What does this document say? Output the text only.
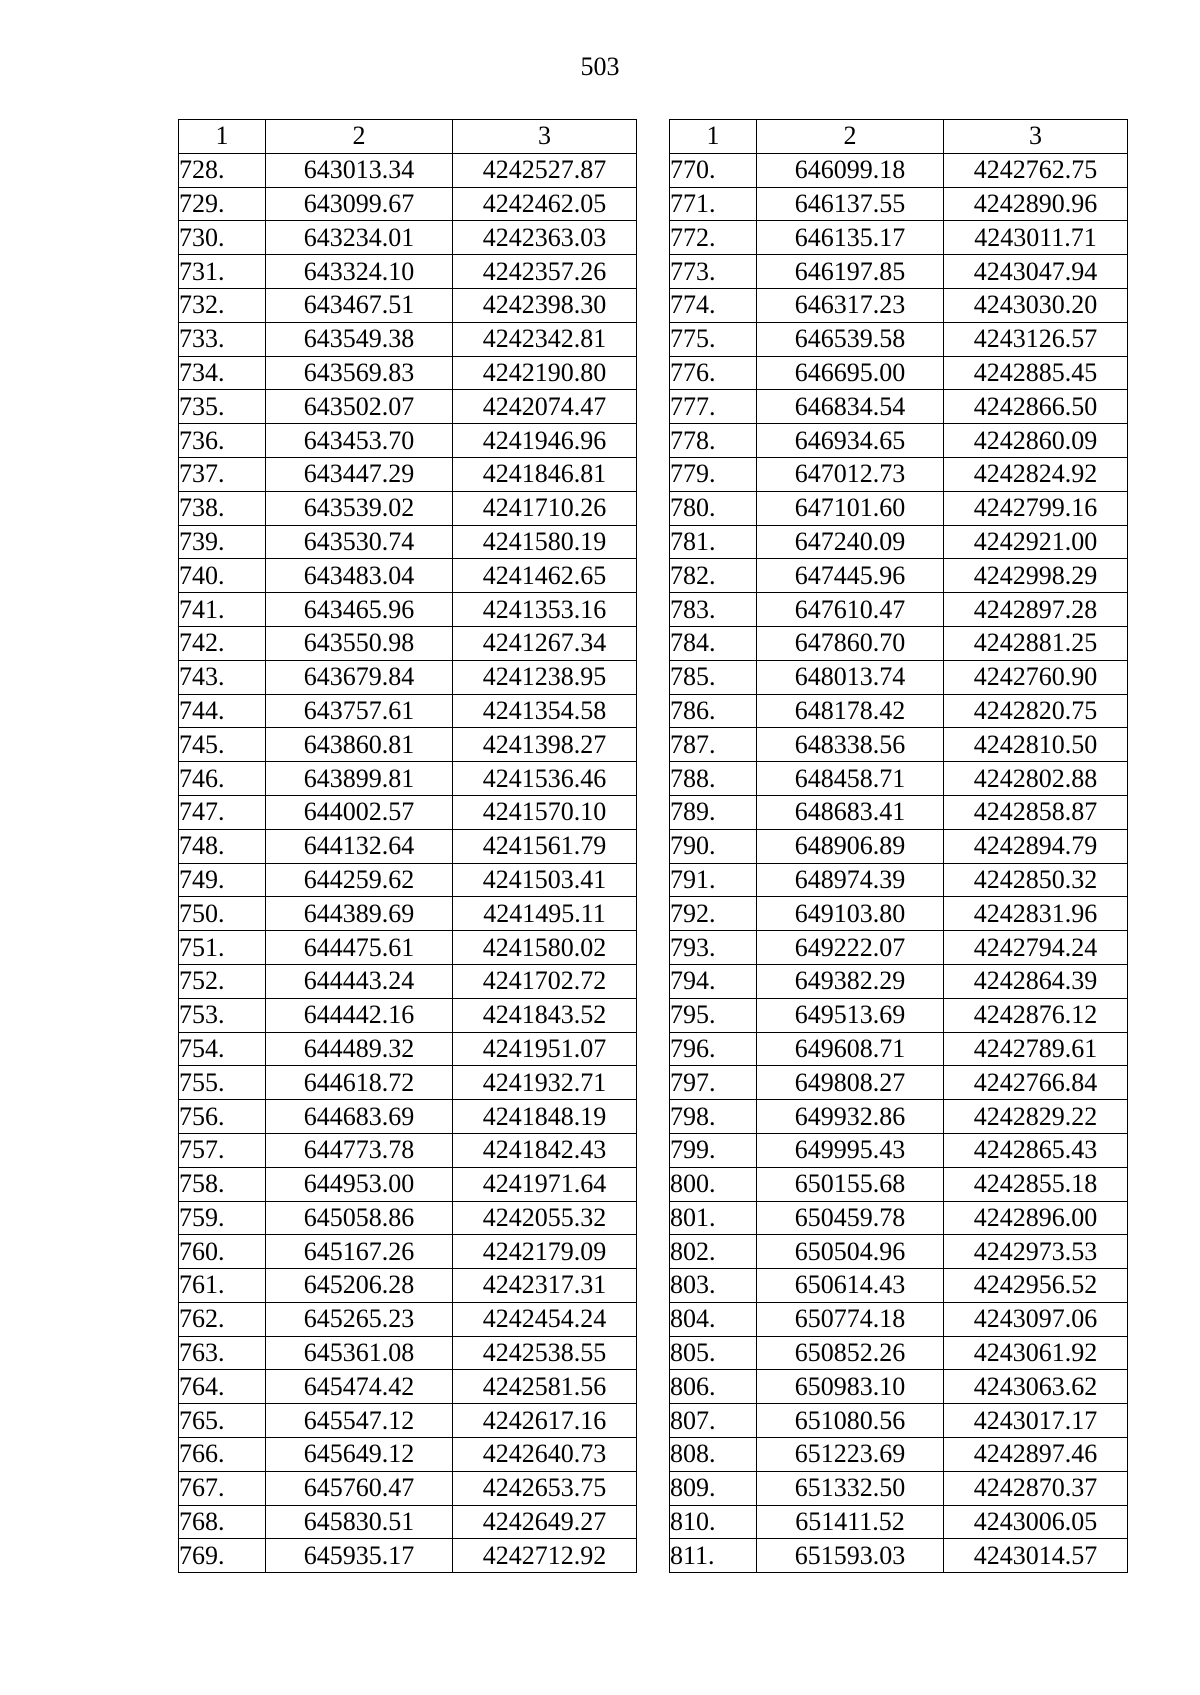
503
1	2	3
728.	643013.34	4242527.87
729.	643099.67	4242462.05
730.	643234.01	4242363.03
731.	643324.10	4242357.26
732.	643467.51	4242398.30
733.	643549.38	4242342.81
734.	643569.83	4242190.80
735.	643502.07	4242074.47
736.	643453.70	4241946.96
737.	643447.29	4241846.81
738.	643539.02	4241710.26
739.	643530.74	4241580.19
740.	643483.04	4241462.65
741.	643465.96	4241353.16
742.	643550.98	4241267.34
743.	643679.84	4241238.95
744.	643757.61	4241354.58
745.	643860.81	4241398.27
746.	643899.81	4241536.46
747.	644002.57	4241570.10
748.	644132.64	4241561.79
749.	644259.62	4241503.41
750.	644389.69	4241495.11
751.	644475.61	4241580.02
752.	644443.24	4241702.72
753.	644442.16	4241843.52
754.	644489.32	4241951.07
755.	644618.72	4241932.71
756.	644683.69	4241848.19
757.	644773.78	4241842.43
758.	644953.00	4241971.64
759.	645058.86	4242055.32
760.	645167.26	4242179.09
761.	645206.28	4242317.31
762.	645265.23	4242454.24
763.	645361.08	4242538.55
764.	645474.42	4242581.56
765.	645547.12	4242617.16
766.	645649.12	4242640.73
767.	645760.47	4242653.75
768.	645830.51	4242649.27
769.	645935.17	4242712.92
1	2	3
770.	646099.18	4242762.75
771.	646137.55	4242890.96
772.	646135.17	4243011.71
773.	646197.85	4243047.94
774.	646317.23	4243030.20
775.	646539.58	4243126.57
776.	646695.00	4242885.45
777.	646834.54	4242866.50
778.	646934.65	4242860.09
779.	647012.73	4242824.92
780.	647101.60	4242799.16
781.	647240.09	4242921.00
782.	647445.96	4242998.29
783.	647610.47	4242897.28
784.	647860.70	4242881.25
785.	648013.74	4242760.90
786.	648178.42	4242820.75
787.	648338.56	4242810.50
788.	648458.71	4242802.88
789.	648683.41	4242858.87
790.	648906.89	4242894.79
791.	648974.39	4242850.32
792.	649103.80	4242831.96
793.	649222.07	4242794.24
794.	649382.29	4242864.39
795.	649513.69	4242876.12
796.	649608.71	4242789.61
797.	649808.27	4242766.84
798.	649932.86	4242829.22
799.	649995.43	4242865.43
800.	650155.68	4242855.18
801.	650459.78	4242896.00
802.	650504.96	4242973.53
803.	650614.43	4242956.52
804.	650774.18	4243097.06
805.	650852.26	4243061.92
806.	650983.10	4243063.62
807.	651080.56	4243017.17
808.	651223.69	4242897.46
809.	651332.50	4242870.37
810.	651411.52	4243006.05
811.	651593.03	4243014.57
